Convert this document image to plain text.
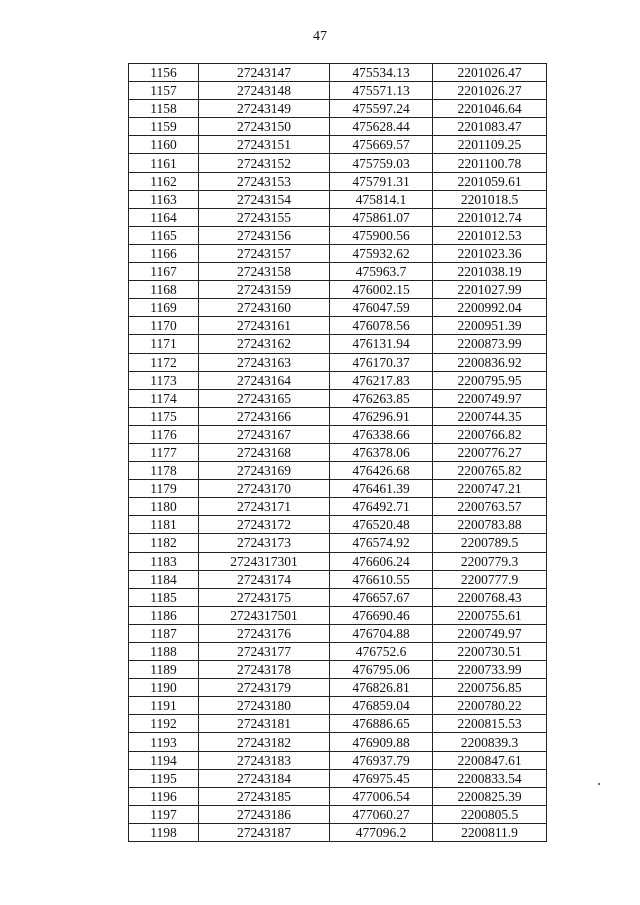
47
1156	27243147	475534.13	2201026.47
1157	27243148	475571.13	2201026.27
1158	27243149	475597.24	2201046.64
1159	27243150	475628.44	2201083.47
1160	27243151	475669.57	2201109.25
1161	27243152	475759.03	2201100.78
1162	27243153	475791.31	2201059.61
1163	27243154	475814.1	2201018.5
1164	27243155	475861.07	2201012.74
1165	27243156	475900.56	2201012.53
1166	27243157	475932.62	2201023.36
1167	27243158	475963.7	2201038.19
1168	27243159	476002.15	2201027.99
1169	27243160	476047.59	2200992.04
1170	27243161	476078.56	2200951.39
1171	27243162	476131.94	2200873.99
1172	27243163	476170.37	2200836.92
1173	27243164	476217.83	2200795.95
1174	27243165	476263.85	2200749.97
1175	27243166	476296.91	2200744.35
1176	27243167	476338.66	2200766.82
1177	27243168	476378.06	2200776.27
1178	27243169	476426.68	2200765.82
1179	27243170	476461.39	2200747.21
1180	27243171	476492.71	2200763.57
1181	27243172	476520.48	2200783.88
1182	27243173	476574.92	2200789.5
1183	2724317301	476606.24	2200779.3
1184	27243174	476610.55	2200777.9
1185	27243175	476657.67	2200768.43
1186	2724317501	476690.46	2200755.61
1187	27243176	476704.88	2200749.97
1188	27243177	476752.6	2200730.51
1189	27243178	476795.06	2200733.99
1190	27243179	476826.81	2200756.85
1191	27243180	476859.04	2200780.22
1192	27243181	476886.65	2200815.53
1193	27243182	476909.88	2200839.3
1194	27243183	476937.79	2200847.61
1195	27243184	476975.45	2200833.54
1196	27243185	477006.54	2200825.39
1197	27243186	477060.27	2200805.5
1198	27243187	477096.2	2200811.9
